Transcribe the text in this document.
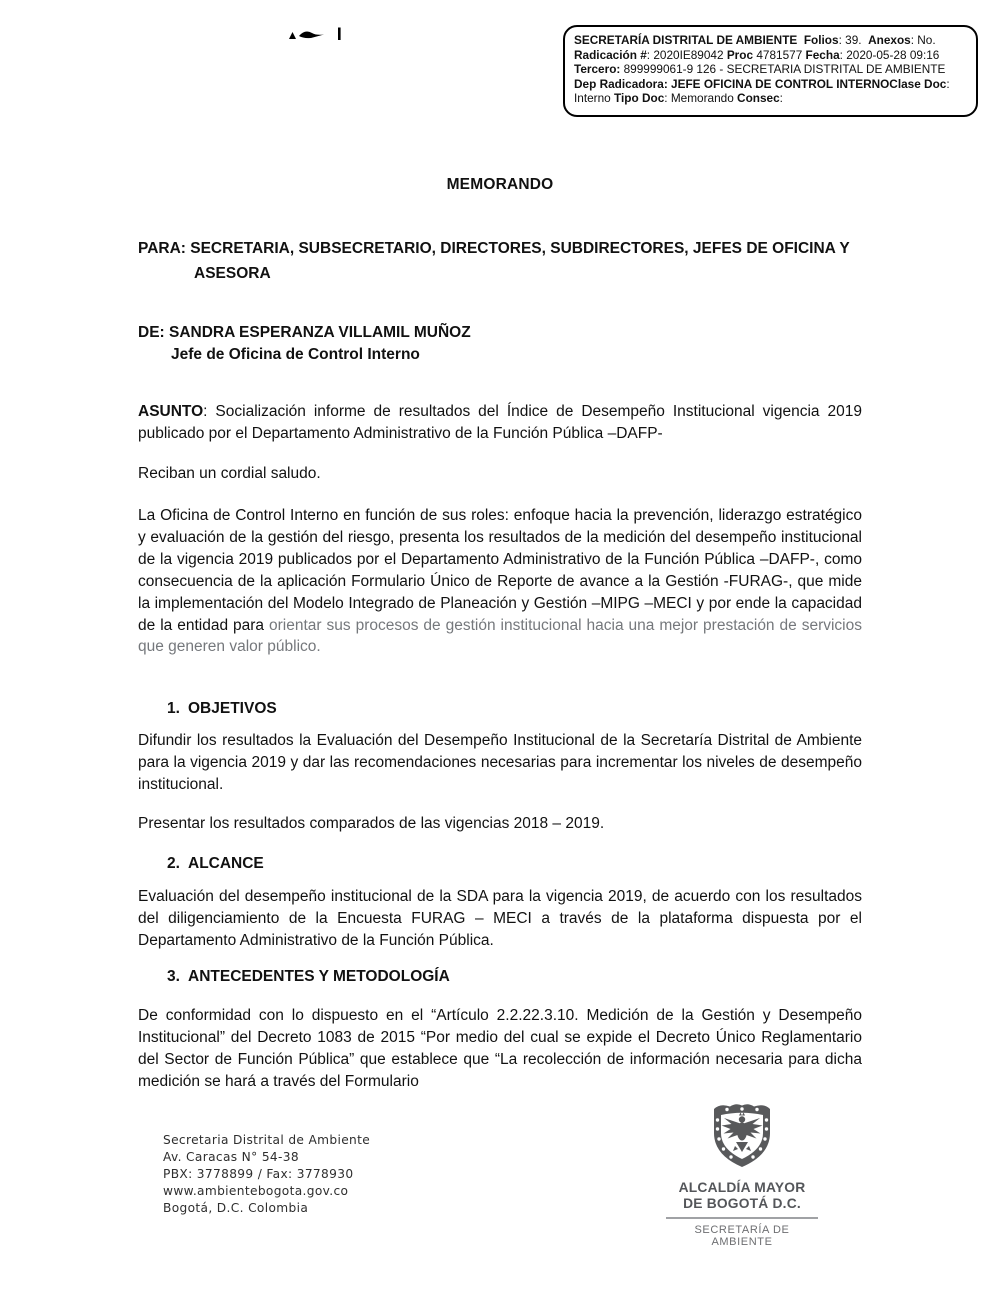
SECRETARÍA DISTRITAL DE AMBIENTE Folios: 39.  Anexos: No.
Radicación #: 2020IE89042 Proc 4781577 Fecha: 2020-05-28 09:16
Tercero: 899999061-9 126 - SECRETARIA DISTRITAL DE AMBIENTE
Dep Radicadora: JEFE OFICINA DE CONTROL INTERNOClase Doc:
Interno Tipo Doc: Memorando Consec:
MEMORANDO
PARA: SECRETARIA, SUBSECRETARIO, DIRECTORES, SUBDIRECTORES, JEFES DE OFICINA Y ASESORA
DE: SANDRA ESPERANZA VILLAMIL MUÑOZ
Jefe de Oficina de Control Interno

ASUNTO: Socialización informe de resultados del Índice de Desempeño Institucional vigencia 2019 publicado por el Departamento Administrativo de la Función Pública –DAFP-

Reciban un cordial saludo.

La Oficina de Control Interno en función de sus roles: enfoque hacia la prevención, liderazgo estratégico y evaluación de la gestión del riesgo, presenta los resultados de la medición del desempeño institucional de la vigencia 2019 publicados por el Departamento Administrativo de la Función Pública –DAFP-, como consecuencia de la aplicación Formulario Único de Reporte de avance a la Gestión -FURAG-, que mide la implementación del Modelo Integrado de Planeación y Gestión –MIPG –MECI y por ende la capacidad de la entidad para orientar sus procesos de gestión institucional hacia una mejor prestación de servicios que generen valor público.

1. OBJETIVOS

Difundir los resultados la Evaluación del Desempeño Institucional de la Secretaría Distrital de Ambiente para la vigencia 2019 y dar las recomendaciones necesarias para incrementar los niveles de desempeño institucional.

Presentar los resultados comparados de las vigencias 2018 – 2019.

2. ALCANCE

Evaluación del desempeño institucional de la SDA para la vigencia 2019, de acuerdo con los resultados del diligenciamiento de la Encuesta FURAG – MECI a través de la plataforma dispuesta por el Departamento Administrativo de la Función Pública.

3. ANTECEDENTES Y METODOLOGÍA

De conformidad con lo dispuesto en el “Artículo 2.2.22.3.10. Medición de la Gestión y Desempeño Institucional” del Decreto 1083 de 2015 “Por medio del cual se expide el Decreto Único Reglamentario del Sector de Función Pública” que establece que “La recolección de información necesaria para dicha medición se hará a través del Formulario

Secretaria Distrital de Ambiente
Av. Caracas N° 54-38
PBX: 3778899 / Fax: 3778930
www.ambientebogota.gov.co
Bogotá, D.C. Colombia
ALCALDÍA MAYOR
DE BOGOTÁ D.C.
SECRETARÍA DE AMBIENTE
